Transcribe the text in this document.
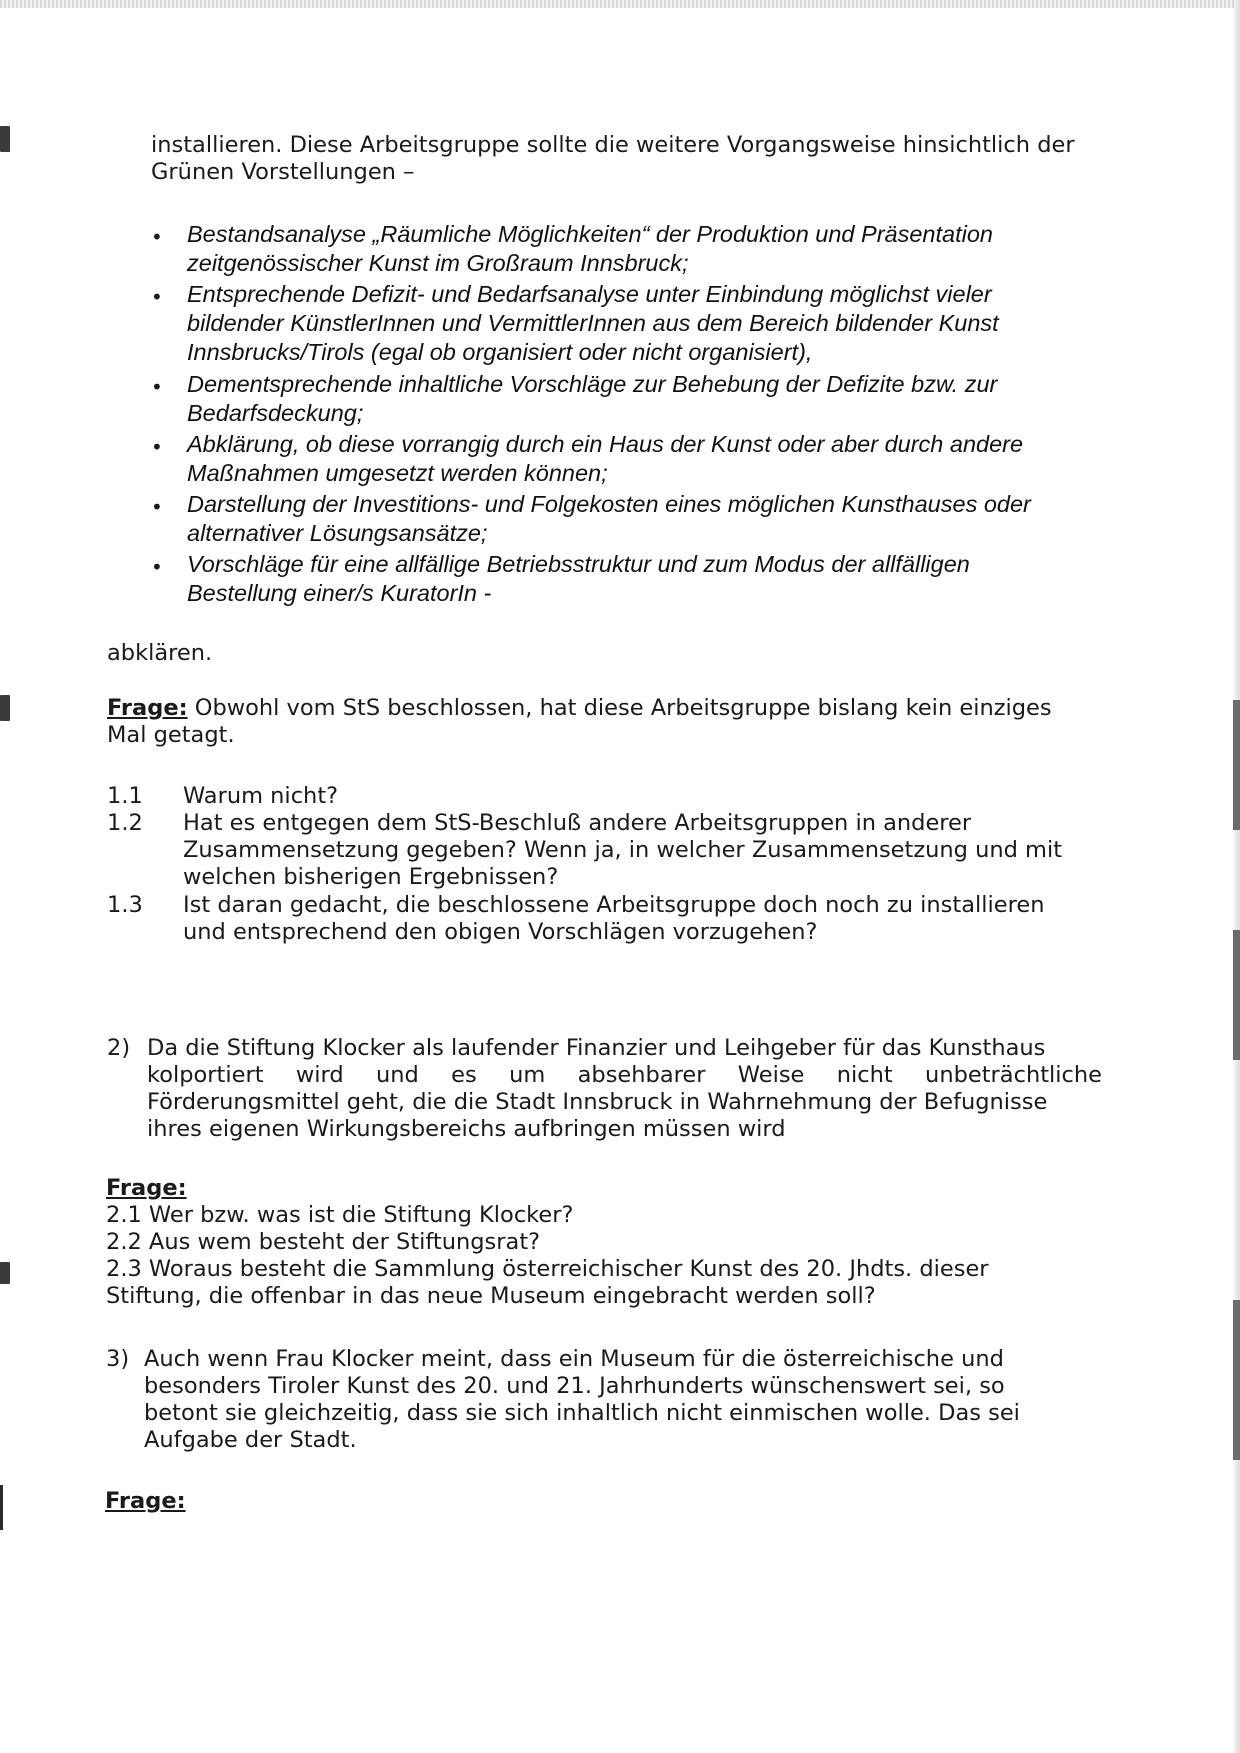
installieren. Diese Arbeitsgruppe sollte die weitere Vorgangsweise hinsichtlich der
Grünen Vorstellungen –
• Bestandsanalyse „Räumliche Möglichkeiten“ der Produktion und Präsentation
zeitgenössischer Kunst im Großraum Innsbruck;
• Entsprechende Defizit- und Bedarfsanalyse unter Einbindung möglichst vieler
bildender KünstlerInnen und VermittlerInnen aus dem Bereich bildender Kunst
Innsbrucks/Tirols (egal ob organisiert oder nicht organisiert),
• Dementsprechende inhaltliche Vorschläge zur Behebung der Defizite bzw. zur
Bedarfsdeckung;
• Abklärung, ob diese vorrangig durch ein Haus der Kunst oder aber durch andere
Maßnahmen umgesetzt werden können;
• Darstellung der Investitions- und Folgekosten eines möglichen Kunsthauses oder
alternativer Lösungsansätze;
• Vorschläge für eine allfällige Betriebsstruktur und zum Modus der allfälligen
Bestellung einer/s KuratorIn -
abklären.
Frage: Obwohl vom StS beschlossen, hat diese Arbeitsgruppe bislang kein einziges
Mal getagt.
1.1 Warum nicht?
1.2 Hat es entgegen dem StS-Beschluß andere Arbeitsgruppen in anderer
Zusammensetzung gegeben? Wenn ja, in welcher Zusammensetzung und mit
welchen bisherigen Ergebnissen?
1.3 Ist daran gedacht, die beschlossene Arbeitsgruppe doch noch zu installieren
und entsprechend den obigen Vorschlägen vorzugehen?
2) Da die Stiftung Klocker als laufender Finanzier und Leihgeber für das Kunsthaus
kolportiert wird und es um absehbarer Weise nicht unbeträchtliche
Förderungsmittel geht, die die Stadt Innsbruck in Wahrnehmung der Befugnisse
ihres eigenen Wirkungsbereichs aufbringen müssen wird
Frage:
2.1 Wer bzw. was ist die Stiftung Klocker?
2.2 Aus wem besteht der Stiftungsrat?
2.3 Woraus besteht die Sammlung österreichischer Kunst des 20. Jhdts. dieser
Stiftung, die offenbar in das neue Museum eingebracht werden soll?
3) Auch wenn Frau Klocker meint, dass ein Museum für die österreichische und
besonders Tiroler Kunst des 20. und 21. Jahrhunderts wünschenswert sei, so
betont sie gleichzeitig, dass sie sich inhaltlich nicht einmischen wolle. Das sei
Aufgabe der Stadt.
Frage:
